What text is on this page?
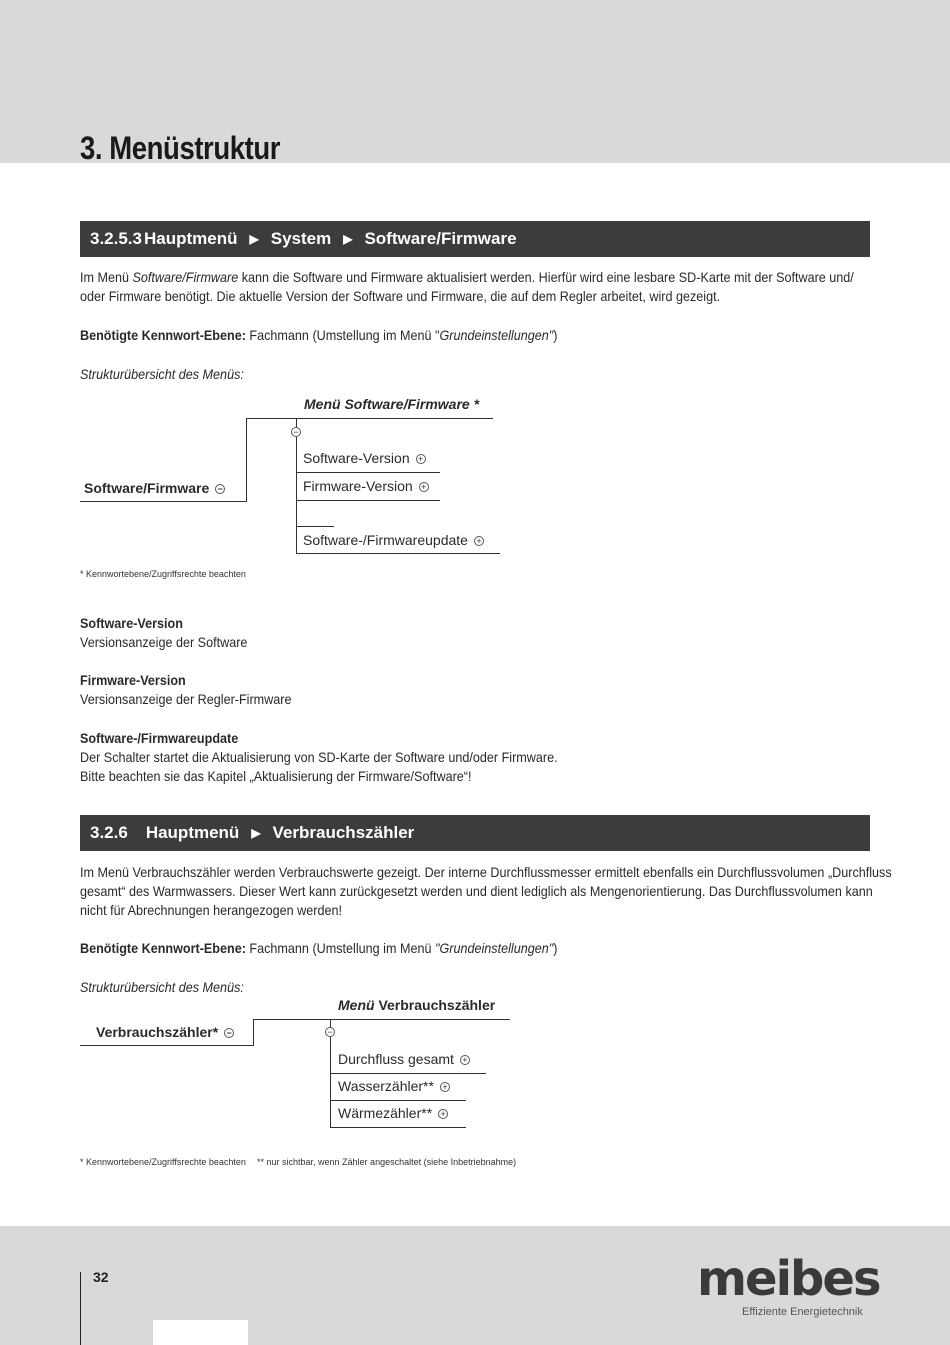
3. Menüstruktur
3.2.5.3 Hauptmenü ▶ System ▶ Software/Firmware
Im Menü Software/Firmware kann die Software und Firmware aktualisiert werden. Hierfür wird eine lesbare SD-Karte mit der Software und/
oder Firmware benötigt. Die aktuelle Version der Software und Firmware, die auf dem Regler arbeitet, wird gezeigt.
Benötigte Kennwort-Ebene: Fachmann (Umstellung im Menü "Grundeinstellungen")
Strukturübersicht des Menüs:
Menü Software/Firmware *
−
Software/Firmware −
Software-Version +
Firmware-Version +
Software-/Firmwareupdate +
* Kennwortebene/Zugriffsrechte beachten
Software-Version
Versionsanzeige der Software
Firmware-Version
Versionsanzeige der Regler-Firmware
Software-/Firmwareupdate
Der Schalter startet die Aktualisierung von SD-Karte der Software und/oder Firmware.
Bitte beachten sie das Kapitel „Aktualisierung der Firmware/Software“!
3.2.6 Hauptmenü ▶ Verbrauchszähler
Im Menü Verbrauchszähler werden Verbrauchswerte gezeigt. Der interne Durchflussmesser ermittelt ebenfalls ein Durchflussvolumen „Durchfluss
gesamt“ des Warmwassers. Dieser Wert kann zurückgesetzt werden und dient lediglich als Mengenorientierung. Das Durchflussvolumen kann
nicht für Abrechnungen herangezogen werden!
Benötigte Kennwort-Ebene: Fachmann (Umstellung im Menü "Grundeinstellungen")
Strukturübersicht des Menüs:
Menü Verbrauchszähler
−
Verbrauchszähler* −
Durchfluss gesamt +
Wasserzähler** +
Wärmezähler** +
* Kennwortebene/Zugriffsrechte beachten ** nur sichtbar, wenn Zähler angeschaltet (siehe Inbetriebnahme)
32	meibes
Effiziente Energietechnik
